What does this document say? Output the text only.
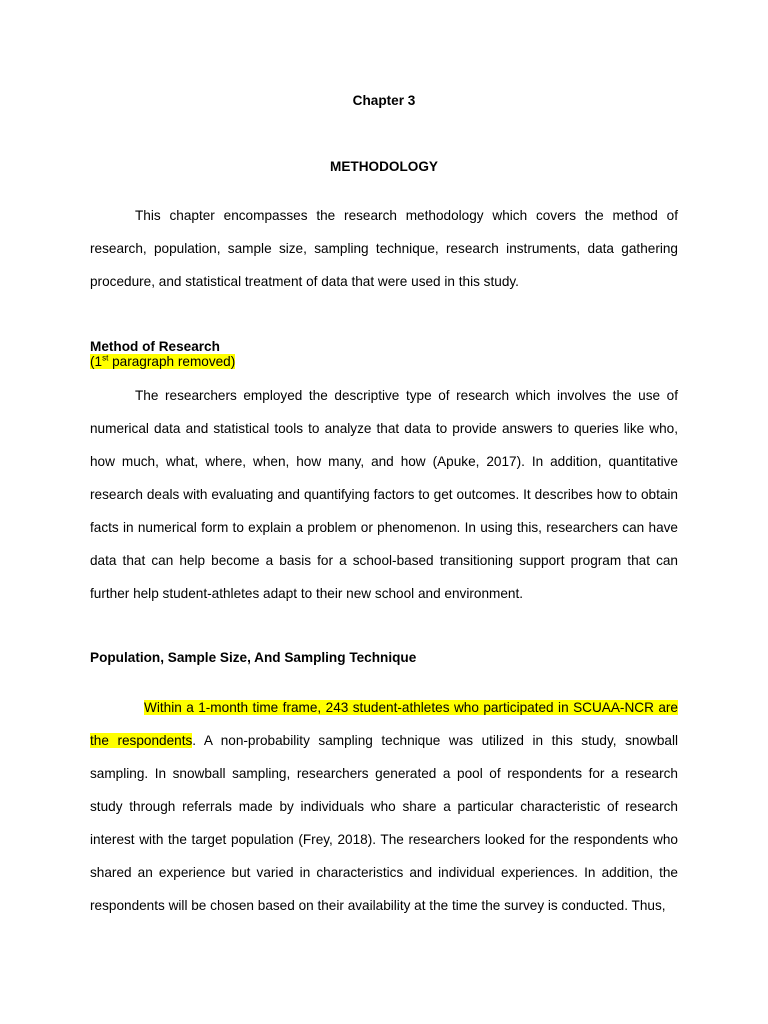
Chapter 3
METHODOLOGY

This chapter encompasses the research methodology which covers the method of research, population, sample size, sampling technique, research instruments, data gathering procedure, and statistical treatment of data that were used in this study.

Method of Research

(1st paragraph removed)

The researchers employed the descriptive type of research which involves the use of numerical data and statistical tools to analyze that data to provide answers to queries like who, how much, what, where, when, how many, and how (Apuke, 2017). In addition, quantitative research deals with evaluating and quantifying factors to get outcomes. It describes how to obtain facts in numerical form to explain a problem or phenomenon. In using this, researchers can have data that can help become a basis for a school-based transitioning support program that can further help student-athletes adapt to their new school and environment.

Population, Sample Size, And Sampling Technique

Within a 1-month time frame, 243 student-athletes who participated in SCUAA-NCR are the respondents. A non-probability sampling technique was utilized in this study, snowball sampling. In snowball sampling, researchers generated a pool of respondents for a research study through referrals made by individuals who share a particular characteristic of research interest with the target population (Frey, 2018). The researchers looked for the respondents who shared an experience but varied in characteristics and individual experiences. In addition, the respondents will be chosen based on their availability at the time the survey is conducted. Thus,
